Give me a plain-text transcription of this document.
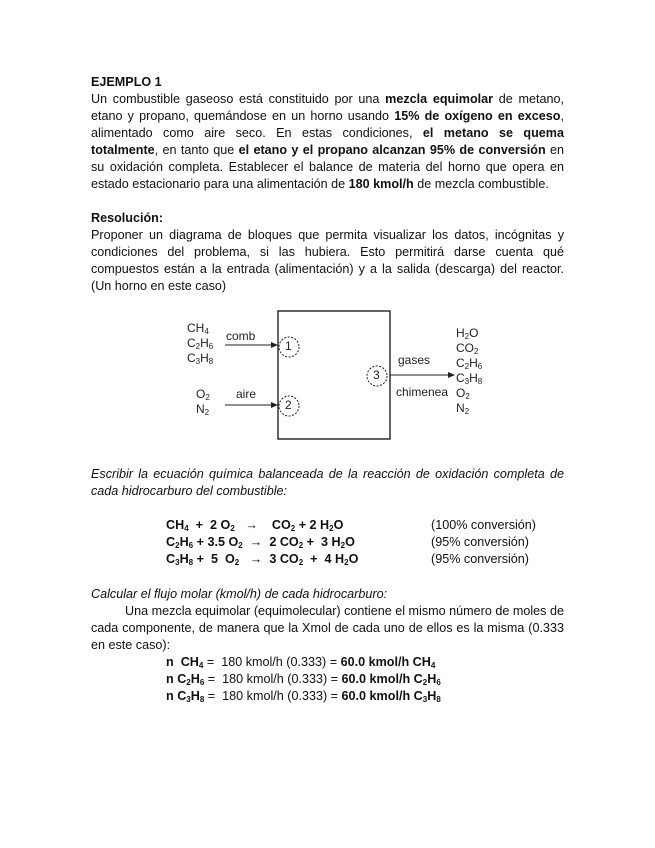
EJEMPLO 1

Un combustible gaseoso está constituido por una mezcla equimolar de metano, etano y propano, quemándose en un horno usando 15% de oxígeno en exceso, alimentado como aire seco. En estas condiciones, el metano se quema totalmente, en tanto que el etano y el propano alcanzan 95% de conversión en su oxidación completa. Establecer el balance de materia del horno que opera en estado estacionario para una alimentación de 180 kmol/h de mezcla combustible.

Resolución:

Proponer un diagrama de bloques que permita visualizar los datos, incógnitas y condiciones del problema, si las hubiera. Esto permitirá darse cuenta qué compuestos están a la entrada (alimentación) y a la salida (descarga) del reactor. (Un horno en este caso)

$CH_4$
$C_2H_6$
$C_3H_8$
comb
$O_2$
$N_2$
aire
1
2
3
gases
chimenea
$H_2O$
$CO_2$
$C_2H_6$
$C_3H_8$
$O_2$
$N_2$

Escribir la ecuación química balanceada de la reacción de oxidación completa de cada hidrocarburo del combustible:

$CH_4 + 2$ $O_2$   →    $CO_2 + 2$ $H_2O$	(100% conversión)
$C_2H_6 + 3.5$ $O_2 \to 2$ $CO_2 + 3$ $H_2O$	(95% conversión)
$C_3H_8 + 5$  $O_2 \to 3$ $CO_2 + 4$ $H_2O$	(95% conversión)

Calcular el flujo molar (kmol/h) de cada hidrocarburo:

Una mezcla equimolar (equimolecular) contiene el mismo número de moles de cada componente, de manera que la Xmol de cada uno de ellos es la misma (0.333 en este caso):

n  $CH_4 = 180$ kmol/h (0.333) = 60.0 kmol/h $CH_4$
n $C_2H_6 = 180$ kmol/h (0.333) = 60.0 kmol/h $C_2H_6$
n $C_3H_8 = 180$ kmol/h (0.333) = 60.0 kmol/h $C_3H_8$
